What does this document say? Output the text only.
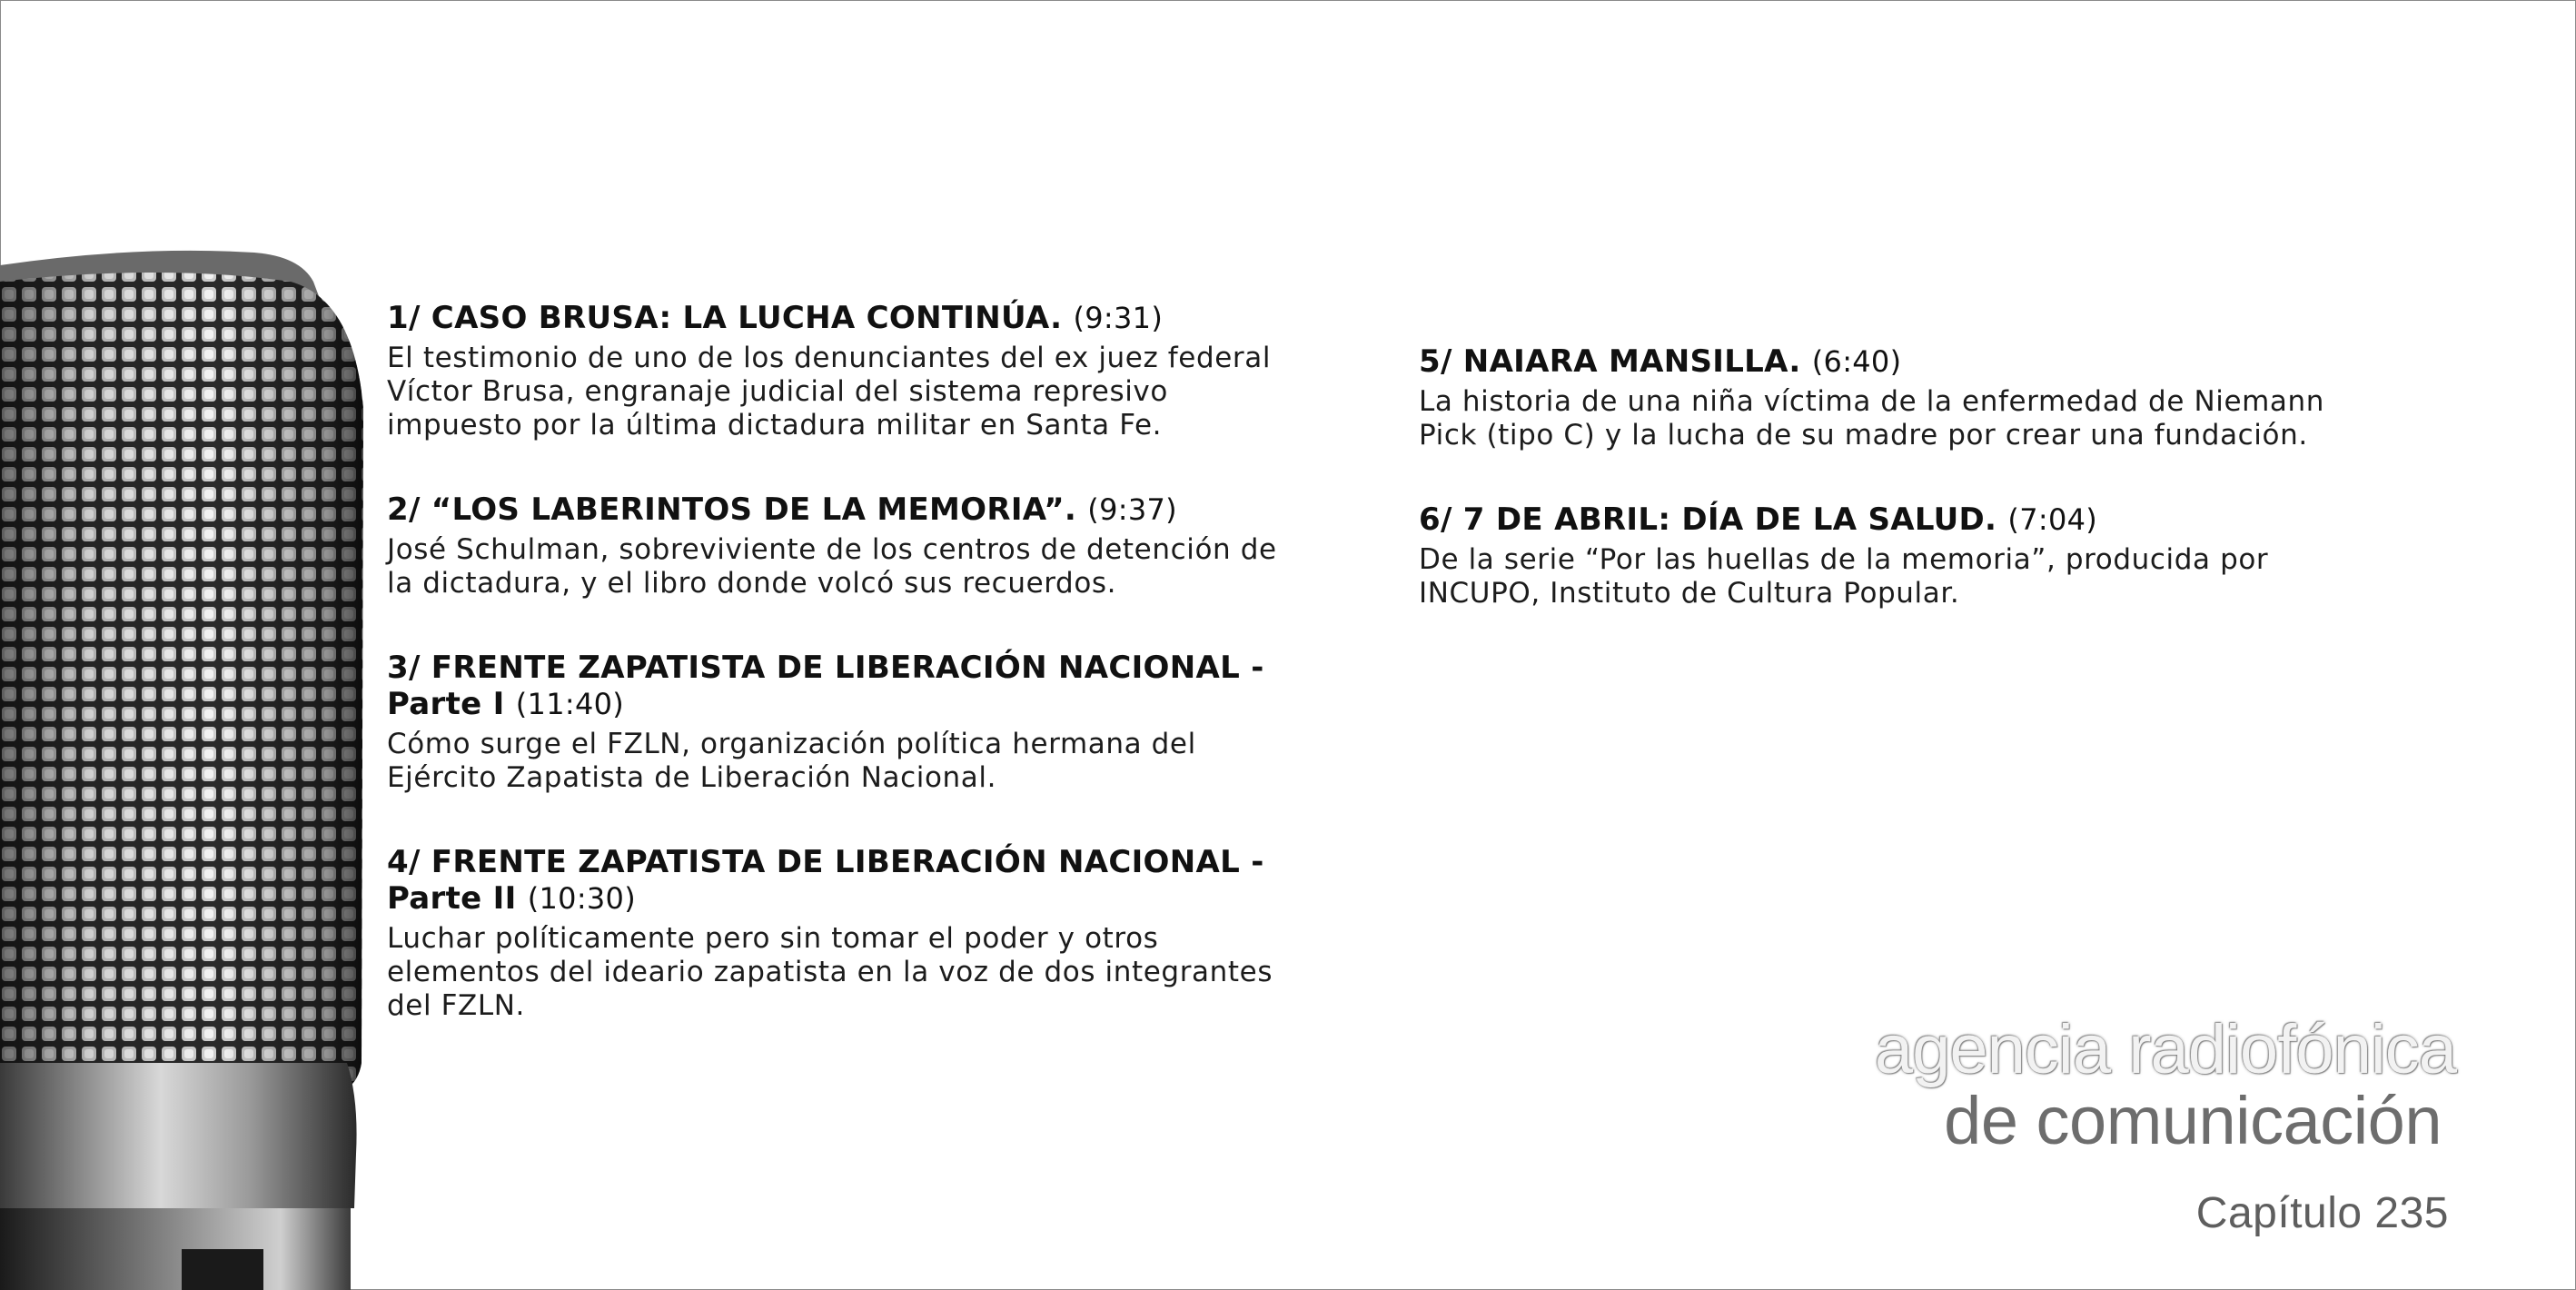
1/ CASO BRUSA: LA LUCHA CONTINÚA. (9:31)
El testimonio de uno de los denunciantes del ex juez federal
Víctor Brusa, engranaje judicial del sistema represivo
impuesto por la última dictadura militar en Santa Fe.
2/ “LOS LABERINTOS DE LA MEMORIA”. (9:37)
José Schulman, sobreviviente de los centros de detención de
la dictadura, y el libro donde volcó sus recuerdos.
3/ FRENTE ZAPATISTA DE LIBERACIÓN NACIONAL -
Parte I (11:40)
Cómo surge el FZLN, organización política hermana del
Ejército Zapatista de Liberación Nacional.
4/ FRENTE ZAPATISTA DE LIBERACIÓN NACIONAL -
Parte II (10:30)
Luchar políticamente pero sin tomar el poder y otros
elementos del ideario zapatista en la voz de dos integrantes
del FZLN.
5/ NAIARA MANSILLA. (6:40)
La historia de una niña víctima de la enfermedad de Niemann
Pick (tipo C) y la lucha de su madre por crear una fundación.
6/ 7 DE ABRIL: DÍA DE LA SALUD. (7:04)
De la serie “Por las huellas de la memoria”, producida por
INCUPO, Instituto de Cultura Popular.
agencia radiofónica
de comunicación
Capítulo 235
